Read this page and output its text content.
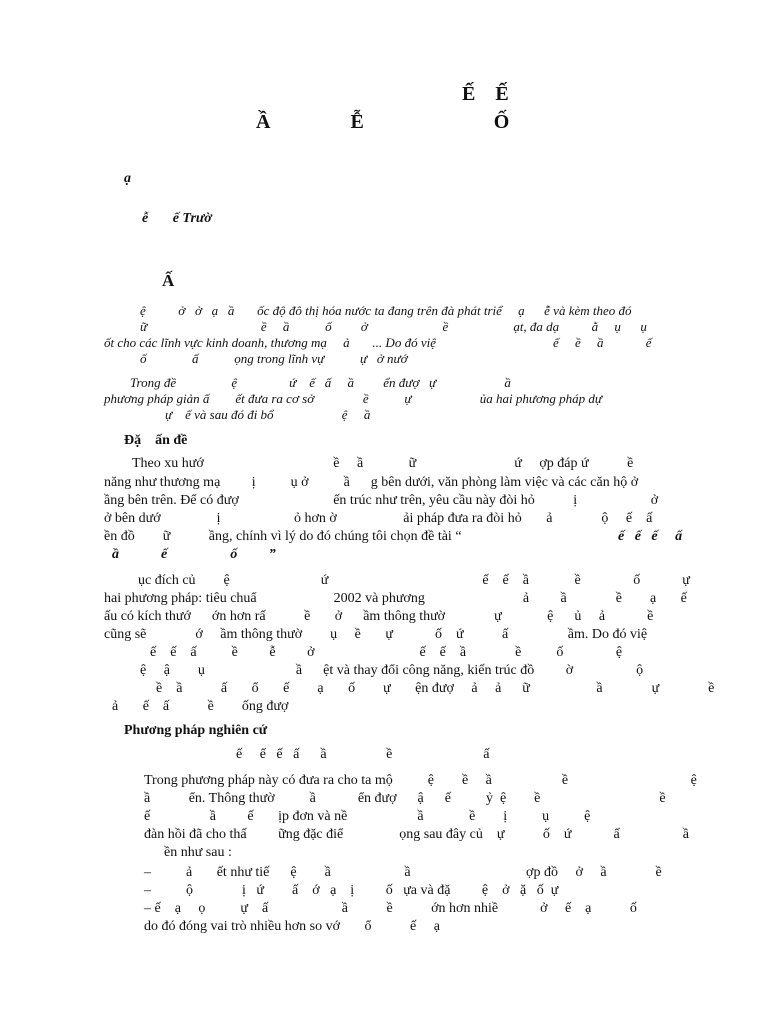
Ế    Ế
Ầ                Ễ                          Ố
ạ
ễ       ế Trườ
Ấ
ệ          ở   ở   ạ   ầ       ốc độ đô thị hóa nước ta đang trên đà phát triể     ạ      ễ và kèm theo đó
ữ                                   ề     ầ           ố         ở                       ề                    ạt, đa dạ          ằ     ụ      ụ
ốt cho các lĩnh vực kinh doanh, thương mạ     ả       ... Do đó việ                                    ế     ề     ầ             ế
ố              ấ           ọng trong lĩnh vự           ự   ở nướ
Trong đề                 ệ                ứ    ế   ấ     ầ         ển đượ   ự                     ầ
phương pháp giản ấ        ết đưa ra cơ sở               ề           ự                     ủa hai phương pháp dự
ự    ế và sau đó đi bổ                     ệ     ầ
Đặ    ấn đề
Theo xu hướ                                     ề     ầ             ữ                            ứ     ợp đáp ứ           ề
năng như thương mạ         ị          ụ ở          ầ      g bên dưới, văn phòng làm việc và các căn hộ ở
ầng bên trên. Để có đượ                           ến trúc như trên, yêu cầu này đòi hỏ           ị                     ở
ở bên dướ                ị                     ỏ hơn ờ                   ải pháp đưa ra đòi hỏ       ả              ộ     ế    ấ
ền đồ        ữ           ầng, chính vì lý do đó chúng tôi chọn đề tài “	ế   ế   ế     ấ
ầ            ế                  ố         ”
ục đích củ        ệ                          ứ                                            ế    ế    ầ             ề               ố            ự
hai phương pháp: tiêu chuẩ                      2002 và phương                            ả         ầ              ề        ạ       ế
ấu có kích thướ      ớn hơn rấ           ề       ở      ầm thông thườ              ự             ệ      ủ     ả            ề
cũng sẽ              ớ     ầm thông thườ        ụ     ề       ự            ố    ứ           ấ                 ầm. Do đó việ
ế    ế    ấ          ề         ễ         ở                              ế    ế    ầ              ề          ố               ệ
ệ     ậ        ụ                          ầ      ệt và thay đổi công năng, kiến trúc đồ         ờ                  ộ
ề    ầ           ấ       ổ       ế        ạ       ố        ự       ện đượ     ả     ả      ữ                   ầ              ự              ề
ả       ế    ấ           ề        ống đượ
Phương pháp nghiên cứ
ế     ế   ế   ấ      ầ                 ề                          ấ
Trong phương pháp này có đưa ra cho ta mộ          ệ        ề     ầ                    ề                                   ệ
ầ           ển. Thông thườ          ầ            ển đượ      ậ      ế          ỷ  ệ        ề                                  ề
ế                 ầ         ế       ịp đơn và nề                    ầ             ề        ị          ụ          ệ
đàn hồi đã cho thấ         ững đặc điể                ọng sau đây củ    ự           ố    ứ            ấ                  ầ
ền như sau :
–          ả       ết như tiế      ệ        ầ                     ầ                                 ợp đồ     ở     ầ              ề
–          ộ              ị   ứ        ấ    ớ   ạ    ị         ố   ựa và đặ         ệ    ở   ặ   ố  ự
– ế    ạ     ọ          ự    ấ                     ầ           ề           ớn hơn nhiề            ở     ế    ạ           ố
do đó đóng vai trò nhiều hơn so vớ       ổ           ế     ạ
